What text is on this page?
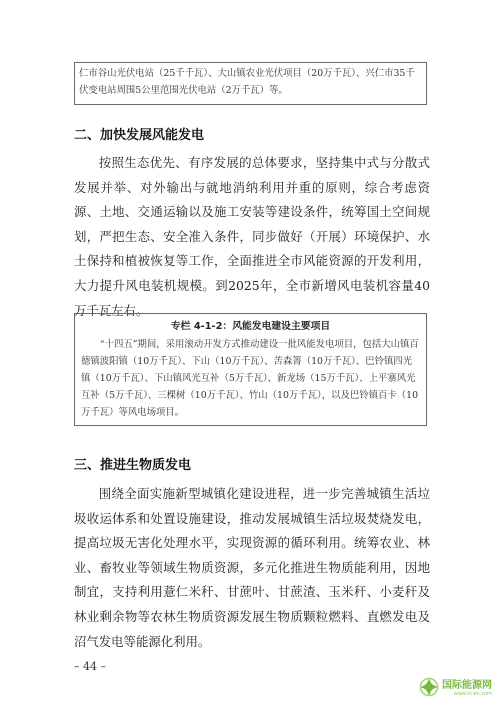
仁市谷山光伏电站（25千千瓦）、大山镇农业光伏项目（20万千瓦）、兴仁市35千伏变电站周围5公里范围光伏电站（2万千瓦）等。
二、加快发展风能发电

按照生态优先、有序发展的总体要求，坚持集中式与分散式发展并举、对外输出与就地消纳利用并重的原则，综合考虑资源、土地、交通运输以及施工安装等建设条件，统筹国土空间规划，严把生态、安全准入条件，同步做好（开展）环境保护、水土保持和植被恢复等工作，全面推进全市风能资源的开发利用，大力提升风电装机规模。到2025年，全市新增风电装机容量40万千瓦左右。

专栏 4-1-2：风能发电建设主要项目
“十四五”期间，采用滚动开发方式推动建设一批风能发电项目，包括大山镇百德镇波阳镇（10万千瓦）、下山（10万千瓦）、苦森箐（10万千瓦）、巴铃镇四光镇（10万千瓦）、下山镇风光互补（5万千瓦）、新龙场（15万千瓦）、上平寨风光互补（5万千瓦）、三棵树（10万千瓦）、竹山（10万千瓦），以及巴铃镇百卡（10万千瓦）等风电场项目。
三、推进生物质发电

围绕全面实施新型城镇化建设进程，进一步完善城镇生活垃圾收运体系和处置设施建设，推动发展城镇生活垃圾焚烧发电，提高垃圾无害化处理水平，实现资源的循环利用。统筹农业、林业、畜牧业等领域生物质资源，多元化推进生物质能利用，因地制宜，支持利用薏仁米秆、甘蔗叶、甘蔗渣、玉米秆、小麦秆及林业剩余物等农林生物质资源发展生物质颗粒燃料、直燃发电及沼气发电等能源化利用。

– 44 –
国际能源网
www.in-en.com
